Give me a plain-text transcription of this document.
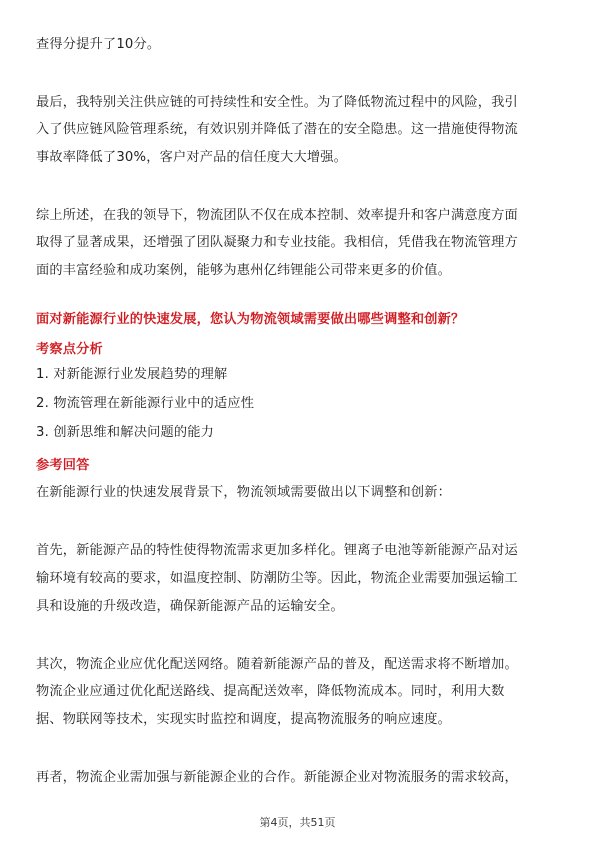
查得分提升了10分。
最后，我特别关注供应链的可持续性和安全性。为了降低物流过程中的风险，我引
入了供应链风险管理系统，有效识别并降低了潜在的安全隐患。这一措施使得物流
事故率降低了30%，客户对产品的信任度大大增强。
综上所述，在我的领导下，物流团队不仅在成本控制、效率提升和客户满意度方面
取得了显著成果，还增强了团队凝聚力和专业技能。我相信，凭借我在物流管理方
面的丰富经验和成功案例，能够为惠州亿纬锂能公司带来更多的价值。
面对新能源行业的快速发展，您认为物流领域需要做出哪些调整和创新？
考察点分析
1. 对新能源行业发展趋势的理解
2. 物流管理在新能源行业中的适应性
3. 创新思维和解决问题的能力
参考回答
在新能源行业的快速发展背景下，物流领域需要做出以下调整和创新：
首先，新能源产品的特性使得物流需求更加多样化。锂离子电池等新能源产品对运
输环境有较高的要求，如温度控制、防潮防尘等。因此，物流企业需要加强运输工
具和设施的升级改造，确保新能源产品的运输安全。
其次，物流企业应优化配送网络。随着新能源产品的普及，配送需求将不断增加。
物流企业应通过优化配送路线、提高配送效率，降低物流成本。同时，利用大数
据、物联网等技术，实现实时监控和调度，提高物流服务的响应速度。
再者，物流企业需加强与新能源企业的合作。新能源企业对物流服务的需求较高，
第4页，共51页
